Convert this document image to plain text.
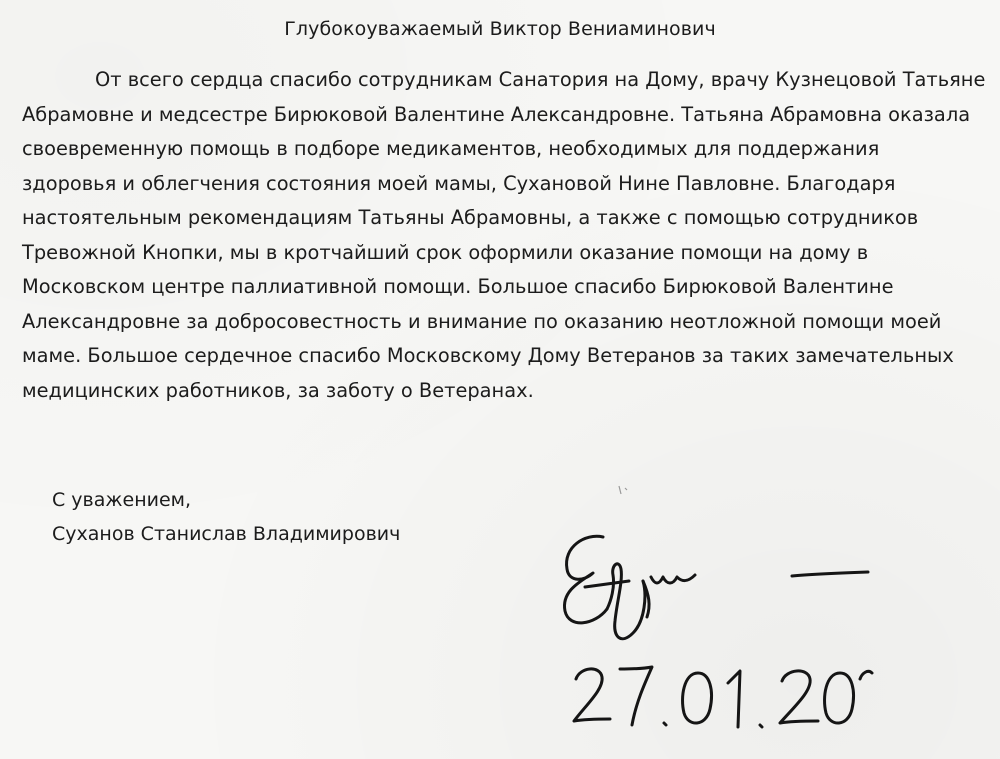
Глубокоуважаемый Виктор Вениаминович

От всего сердца спасибо сотрудникам Санатория на Дому, врачу Кузнецовой Татьяне
Абрамовне и медсестре Бирюковой Валентине Александровне. Татьяна Абрамовна оказала
своевременную помощь в подборе медикаментов, необходимых для поддержания
здоровья и облегчения состояния моей мамы, Сухановой Нине Павловне. Благодаря
настоятельным рекомендациям Татьяны Абрамовны, а также с помощью сотрудников
Тревожной Кнопки, мы в кротчайший срок оформили оказание помощи на дому в
Московском центре паллиативной помощи. Большое спасибо Бирюковой Валентине
Александровне за добросовестность и внимание по оказанию неотложной помощи моей
маме. Большое сердечное спасибо Московскому Дому Ветеранов за таких замечательных
медицинских работников, за заботу о Ветеранах.

С уважением,
Суханов Станислав Владимирович
